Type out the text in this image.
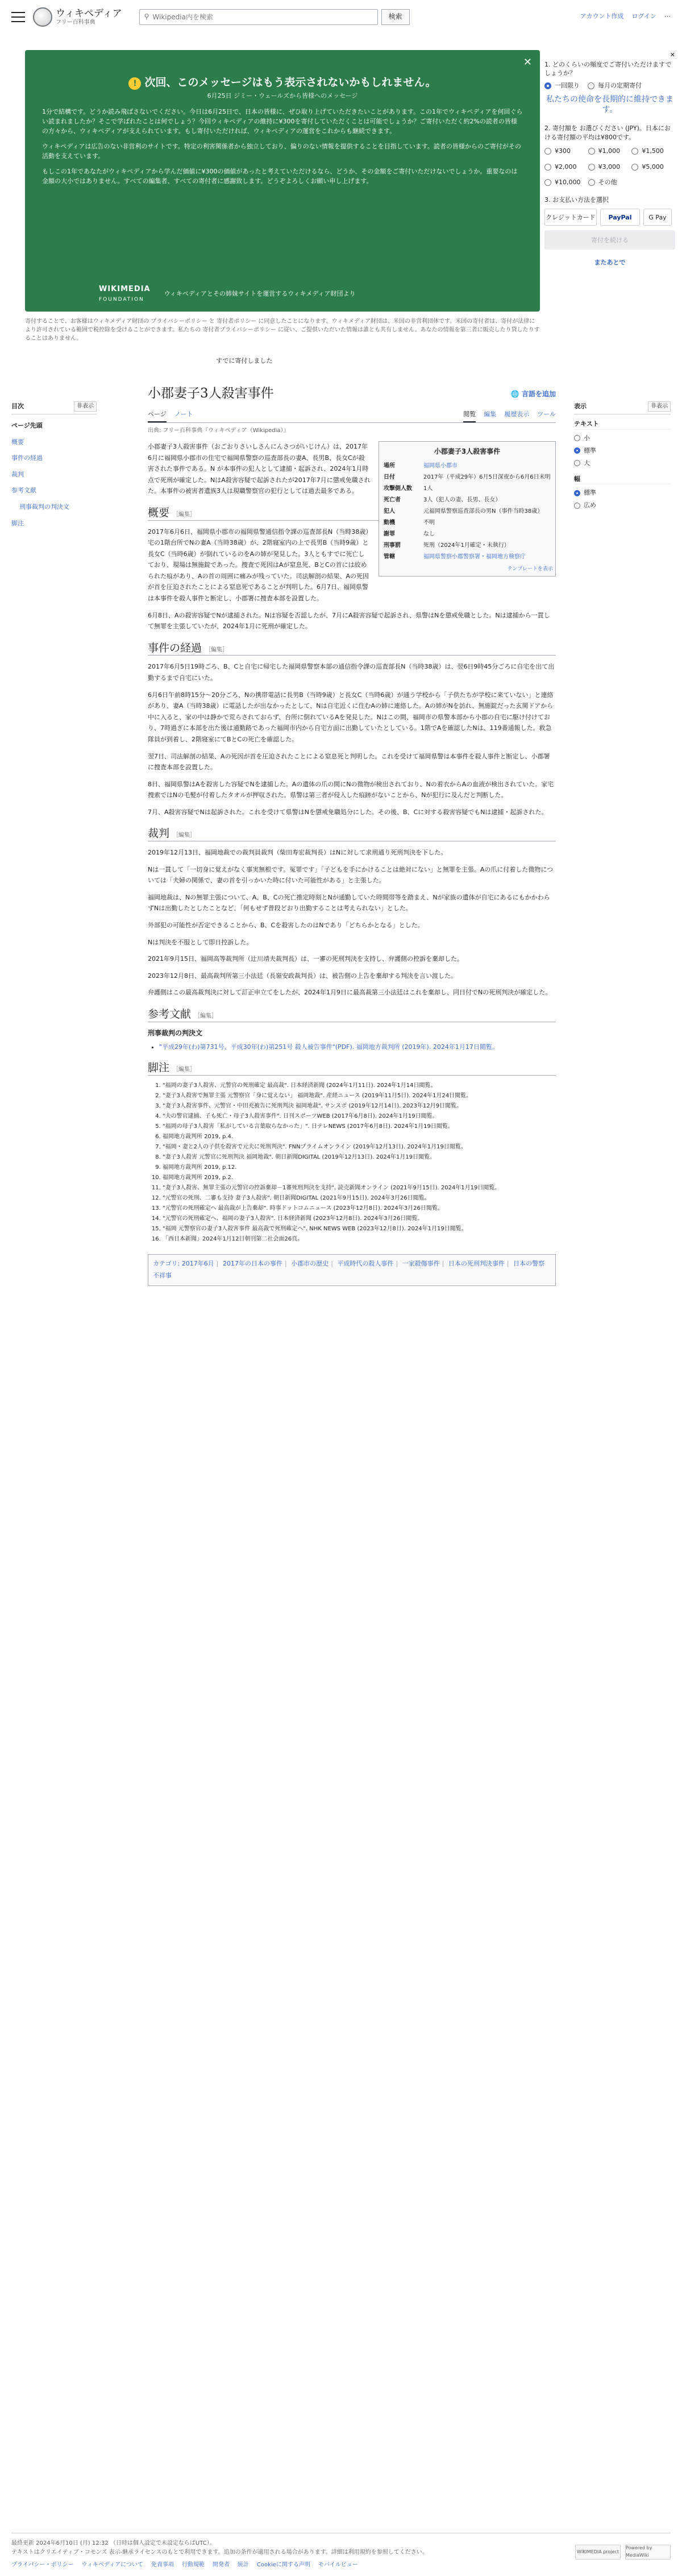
ウィキペディア
フリー百科事典
⚲
Wikipedia内を検索	検索	アカウント作成 ログイン ⋯
✕
! 次回、このメッセージはもう表示されないかもしれません。
6月25日 ジミー・ウェールズから皆様へのメッセージ

1分で結構です。どうか読み飛ばさないでください。今日は6月25日で、日本の皆様に、ぜひ取り上げていただきたいことがあります。この1年でウィキペディアを何回ぐらい読まれましたか？そこで学ばれたことは何でしょう？今回ウィキペディアの維持に¥300を寄付していただくことは可能でしょうか？ご寄付いただく約2%の読者の皆様の方々から、ウィキペディアが支えられています。もし寄付いただければ、ウィキペディアの運営をこれからも継続できます。

ウィキペディアは広告のない非営利のサイトです。特定の利害関係者から独立しており、偏りのない情報を提供することを目指しています。読者の皆様からのご寄付がその活動を支えています。

もしこの1年であなたがウィキペディアから学んだ価値に¥300の価値があったと考えていただけるなら、どうか、その金額をご寄付いただけないでしょうか。重要なのは金額の大小ではありません。すべての編集者、すべての寄付者に感謝致します。どうぞよろしくお願い申し上げます。

WIKIMEDIA
FOUNDATION
ウィキペディアとその姉妹サイトを運営するウィキメディア財団より
寄付することで、お客様はウィキメディア財団の プライバシーポリシー と 寄付者ポリシー に同意したことになります。ウィキメディア財団は、米国の非営利団体です。米国の寄付者は、寄付が法律により許可されている範囲で税控除を受けることができます。私たちの 寄付者プライバシーポリシー に従い、ご提供いただいた情報は誰とも共有しません。あなたの情報を第三者に販売したり貸したりすることはありません。
すでに寄付しました
✕
1. どのくらいの頻度でご寄付いただけますでしょうか？
一回限り	毎月の定期寄付
私たちの使命を長期的に維持できます。
2. 寄付額を お選びください (JPY)。日本における寄付額の平均は¥800です。
¥300	¥1,000	¥1,500
¥2,000	¥3,000	¥5,000
¥10,000	その他
3. お支払い方法を選択
クレジットカード	PayPal	G Pay
寄付を続ける
またあとで
目次	非表示
ページ先頭
概要
事件の経過
裁判
参考文献
刑事裁判の判決文
脚注
表示	非表示
テキスト
小
標準
大
幅
標準
広め
小郡妻子3人殺害事件	🌐 言語を追加
ページ ノート	閲覧 編集 履歴表示 ツール
出典: フリー百科事典『ウィキペディア（Wikipedia）』
小郡妻子3人殺害事件
場所	福岡県小郡市
日付	2017年（平成29年）6月5日深夜から6月6日未明
攻撃側人数	1人
死亡者	3人（犯人の妻、長男、長女）
犯人	元福岡県警察巡査部長の男N（事件当時38歳）
動機	不明
謝罪	なし
刑事罰	死刑（2024年1月確定・未執行）
管轄	福岡県警察小郡警察署・福岡地方検察庁
テンプレートを表示
小郡妻子3人殺害事件（おごおりさいしさんにんさつがいじけん）は、2017年6月に福岡県小郡市の住宅で福岡県警察の巡査部長の妻A、長男B、長女Cが殺害された事件である。N が本事件の犯人として逮捕・起訴され、2024年1月時点で死刑が確定した。NはA殺害容疑で起訴されたが2017年7月に懲戒免職された。本事件の被害者遺族3人は現職警察官の犯行としては過去最多である。
概要 ［編集］
2017年6月6日、福岡県小郡市の福岡県警通信指令課の巡査部長N（当時38歳）宅の1階台所でNの妻A（当時38歳）が、2階寝室内の上で長男B（当時9歳）と長女C（当時6歳）が倒れているのをAの姉が発見した。3人ともすでに死亡しており、現場は無施錠であった。捜査で死因はAが窒息死、BとCの首には絞められた痕があり、Aの首の周囲に痛みが残っていた。司法解剖の結果、Aの死因が首を圧迫されたことによる窒息死であることが判明した。6月7日、福岡県警は本事件を殺人事件と断定し、小郡署に捜査本部を設置した。
6月8日、Aの殺害容疑でNが逮捕された。Nは容疑を否認したが、7月にA殺害容疑で起訴され、県警はNを懲戒免職とした。Nは逮捕から一貫して無罪を主張していたが、2024年1月に死刑が確定した。
事件の経過 ［編集］
2017年6月5日19時ごろ、B、Cと自宅に帰宅した福岡県警察本部の通信指令課の巡査部長N（当時38歳）は、翌6日9時45分ごろに自宅を出て出勤するまで自宅にいた。
6月6日午前8時15分～20分ごろ、Nの携帯電話に長男B（当時9歳）と長女C（当時6歳）が通う学校から「子供たちが学校に来ていない」と連絡があり、妻A（当時38歳）に電話したが出なかったとして、Nは自宅近くに住むAの姉に連絡した。Aの姉がNを訪れ、無施錠だった玄関ドアから中に入ると、家の中は静かで荒らされておらず、台所に倒れているAを発見した。Nはこの間、福岡市の県警本部から小郡の自宅に駆け付けており、7時過ぎに本部を出た後は通勤路であった福岡市内から自宅方面に出勤していたとしている。1階でAを確認したNは、119番通報した。救急隊員が到着し、2階寝室にてBとCの死亡を確認した。
翌7日、司法解剖の結果、Aの死因が首を圧迫されたことによる窒息死と判明した。これを受けて福岡県警は本事件を殺人事件と断定し、小郡署に捜査本部を設置した。
8日、福岡県警はAを殺害した容疑でNを逮捕した。Aの遺体の爪の間にNの微物が検出されており、Nの着衣からAの血液が検出されていた。家宅捜索ではNの毛髪が付着したタオルが押収された。県警は第三者が侵入した痕跡がないことから、Nが犯行に及んだと判断した。
7月、A殺害容疑でNは起訴された。これを受けて県警はNを懲戒免職処分にした。その後、B、Cに対する殺害容疑でもNは逮捕・起訴された。
裁判 ［編集］
2019年12月13日、福岡地裁での裁判員裁判（柴田寿宏裁判長）はNに対して求刑通り死刑判決を下した。
Nは一貫して「一切身に覚えがなく事実無根です。冤罪です」「子どもを手にかけることは絶対にない」と無罪を主張。Aの爪に付着した微物については「夫婦の関係で、妻の首を引っかいた時に付いた可能性がある」と主張した。
福岡地裁は、Nの無罪主張について、A、B、Cの死亡推定時刻とNが通勤していた時間帯等を踏まえ、Nが家族の遺体が自宅にあるにもかかわらずNは出勤したとしたことなど、「何もせず普段どおり出勤することは考えられない」とした。
外部犯の可能性が否定できることから、B、Cを殺害したのはNであり「どちらかとなる」とした。
Nは判決を不服として即日控訴した。
2021年9月15日、福岡高等裁判所（辻川靖夫裁判長）は、一審の死刑判決を支持し、弁護側の控訴を棄却した。
2023年12月8日、最高裁判所第三小法廷（長嶺安政裁判長）は、被告側の上告を棄却する判決を言い渡した。
弁護側はこの最高裁判決に対して訂正申立てをしたが、2024年1月9日に最高裁第三小法廷はこれを棄却し、同日付でNの死刑判決が確定した。
参考文献 ［編集］
刑事裁判の判決文
• "平成29年(わ)第731号、平成30年(わ)第251号 殺人被告事件"(PDF). 福岡地方裁判所 (2019年). 2024年1月17日閲覧。
脚注 ［編集］
1. "福岡の妻子3人殺害、元警官の死刑確定 最高裁". 日本経済新聞 (2024年1月11日). 2024年1月14日閲覧。
2. "妻子3人殺害で無罪主張 元警察官「身に覚えない」 福岡地裁". 産経ニュース (2019年11月5日). 2024年1月24日閲覧。
3. "妻子3人殺害事件、元警官・中田充被告に死刑判決 福岡地裁". サンスポ (2019年12月14日). 2023年12月9日閲覧。
4. "夫の警官逮捕、子も死亡・母子3人殺害事件". 日刊スポーツWEB (2017年6月8日). 2024年1月19日閲覧。
5. "福岡の母子3人殺害「私がしている言葉取らなかった」". 日テレNEWS (2017年6月8日). 2024年1月19日閲覧。
6. 福岡地方裁判所 2019, p.4.
7. "福岡・妻と2人の子供を殺害で元夫に死刑判決". FNNプライムオンライン (2019年12月13日). 2024年1月19日閲覧。
8. "妻子3人殺害 元警官に死刑判決 福岡地裁". 朝日新聞DIGITAL (2019年12月13日). 2024年1月19日閲覧。
9. 福岡地方裁判所 2019, p.12.
10. 福岡地方裁判所 2019, p.2.
11. "妻子3人殺害、無罪主張の元警官の控訴棄却－1審死刑判決を支持". 読売新聞オンライン (2021年9月15日). 2024年1月19日閲覧。
12. "元警官の死刑、二審も支持 妻子3人殺害". 朝日新聞DIGITAL (2021年9月15日). 2024年3月26日閲覧。
13. "元警官の死刑確定へ 最高裁が上告棄却". 時事ドットコムニュース (2023年12月8日). 2024年3月26日閲覧。
14. "元警官の死刑確定へ、福岡の妻子3人殺害". 日本経済新聞 (2023年12月8日). 2024年3月26日閲覧。
15. "福岡 元警察官の妻子3人殺害事件 最高裁で死刑確定へ". NHK NEWS WEB (2023年12月8日). 2024年1月19日閲覧。
16. 「西日本新聞」2024年1月12日朝刊第二社会面26頁。
カテゴリ: 2017年6月 | 2017年の日本の事件 | 小郡市の歴史 | 平成時代の殺人事件 | 一家殺傷事件 | 日本の死刑判決事件 | 日本の警察不祥事
最終更新 2024年6月10日 (月) 12:32 （日時は個人設定で未設定ならばUTC）。
テキストはクリエイティブ・コモンズ 表示-継承ライセンスのもとで利用できます。追加の条件が適用される場合があります。詳細は利用規約を参照してください。
プライバシー・ポリシー ウィキペディアについて 免責事項 行動規範 開発者 統計 Cookieに関する声明 モバイルビュー
WIKIMEDIA project
Powered by MediaWiki
